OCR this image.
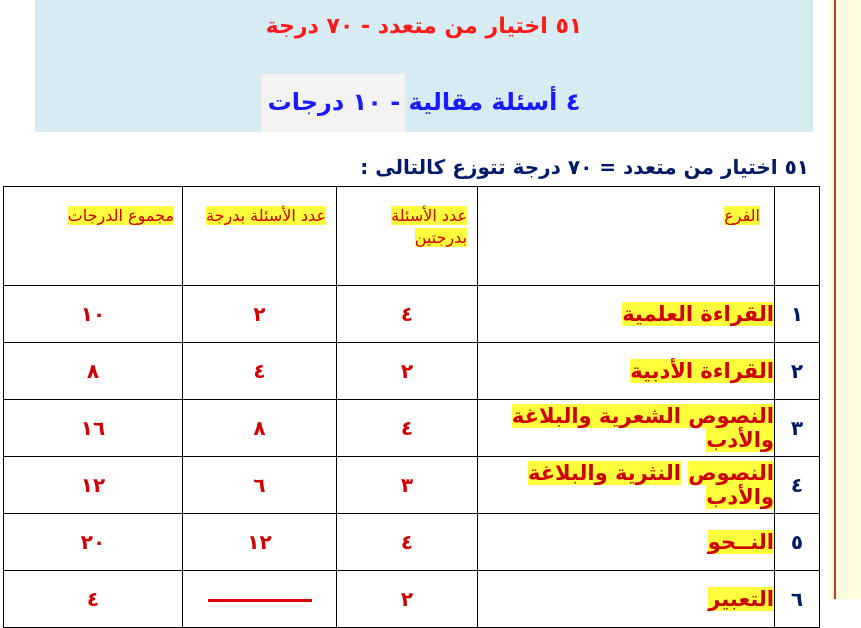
٥١ اختيار من متعدد - ٧٠ درجة
٤ أسئلة مقالية - ١٠ درجات
٥١ اختيار من متعدد = ٧٠ درجة تتوزع كالتالى :
	الفرع	عدد الأسئلة بدرجتين	عدد الأسئلة بدرجة	مجموع الدرجات
١	القراءة العلمية	٤	٢	١٠
٢	القراءة الأدبية	٢	٤	٨
٣	النصوص الشعرية والبلاغة والأدب	٤	٨	١٦
٤	النصوص النثرية والبلاغة والأدب	٣	٦	١٢
٥	النــحو	٤	١٢	٢٠
٦	التعبير	٢		٤
